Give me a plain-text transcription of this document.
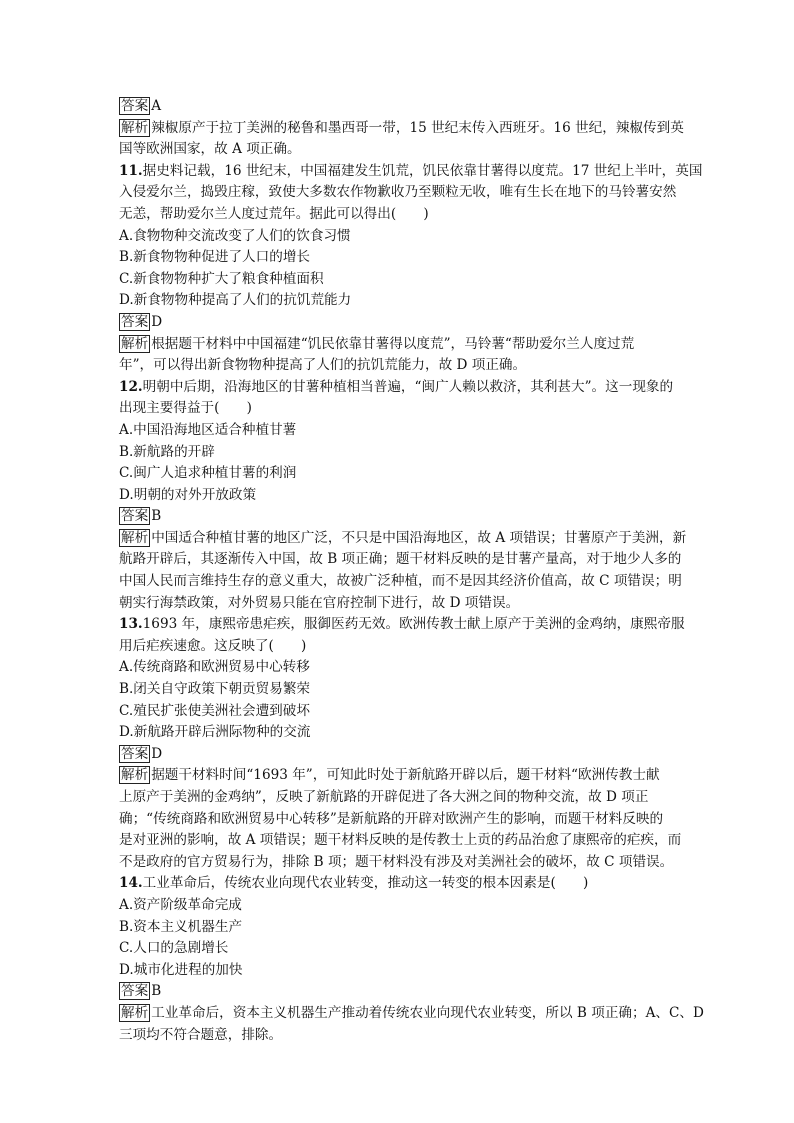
答案 A
解析 辣椒原产于拉丁美洲的秘鲁和墨西哥一带，15 世纪末传入西班牙。16 世纪，辣椒传到英
国等欧洲国家，故 A 项正确。
11.据史料记载，16 世纪末，中国福建发生饥荒，饥民依靠甘薯得以度荒。17 世纪上半叶，英国
入侵爱尔兰，捣毁庄稼，致使大多数农作物歉收乃至颗粒无收，唯有生长在地下的马铃薯安然
无恙，帮助爱尔兰人度过荒年。据此可以得出(　　)
A.食物物种交流改变了人们的饮食习惯
B.新食物物种促进了人口的增长
C.新食物物种扩大了粮食种植面积
D.新食物物种提高了人们的抗饥荒能力
答案 D
解析 根据题干材料中中国福建“饥民依靠甘薯得以度荒”，马铃薯“帮助爱尔兰人度过荒
年”，可以得出新食物物种提高了人们的抗饥荒能力，故 D 项正确。
12.明朝中后期，沿海地区的甘薯种植相当普遍，“闽广人赖以救济，其利甚大”。这一现象的
出现主要得益于(　　)
A.中国沿海地区适合种植甘薯
B.新航路的开辟
C.闽广人追求种植甘薯的利润
D.明朝的对外开放政策
答案 B
解析 中国适合种植甘薯的地区广泛，不只是中国沿海地区，故 A 项错误；甘薯原产于美洲，新
航路开辟后，其逐渐传入中国，故 B 项正确；题干材料反映的是甘薯产量高，对于地少人多的
中国人民而言维持生存的意义重大，故被广泛种植，而不是因其经济价值高，故 C 项错误；明
朝实行海禁政策，对外贸易只能在官府控制下进行，故 D 项错误。
13.1693 年，康熙帝患疟疾，服御医药无效。欧洲传教士献上原产于美洲的金鸡纳，康熙帝服
用后疟疾速愈。这反映了(　　)
A.传统商路和欧洲贸易中心转移
B.闭关自守政策下朝贡贸易繁荣
C.殖民扩张使美洲社会遭到破坏
D.新航路开辟后洲际物种的交流
答案 D
解析 据题干材料时间“1693 年”，可知此时处于新航路开辟以后，题干材料“欧洲传教士献
上原产于美洲的金鸡纳”，反映了新航路的开辟促进了各大洲之间的物种交流，故 D 项正
确；“传统商路和欧洲贸易中心转移”是新航路的开辟对欧洲产生的影响，而题干材料反映的
是对亚洲的影响，故 A 项错误；题干材料反映的是传教士上贡的药品治愈了康熙帝的疟疾，而
不是政府的官方贸易行为，排除 B 项；题干材料没有涉及对美洲社会的破坏，故 C 项错误。
14.工业革命后，传统农业向现代农业转变，推动这一转变的根本因素是(　　)
A.资产阶级革命完成
B.资本主义机器生产
C.人口的急剧增长
D.城市化进程的加快
答案 B
解析 工业革命后，资本主义机器生产推动着传统农业向现代农业转变，所以 B 项正确；A、C、D
三项均不符合题意，排除。
